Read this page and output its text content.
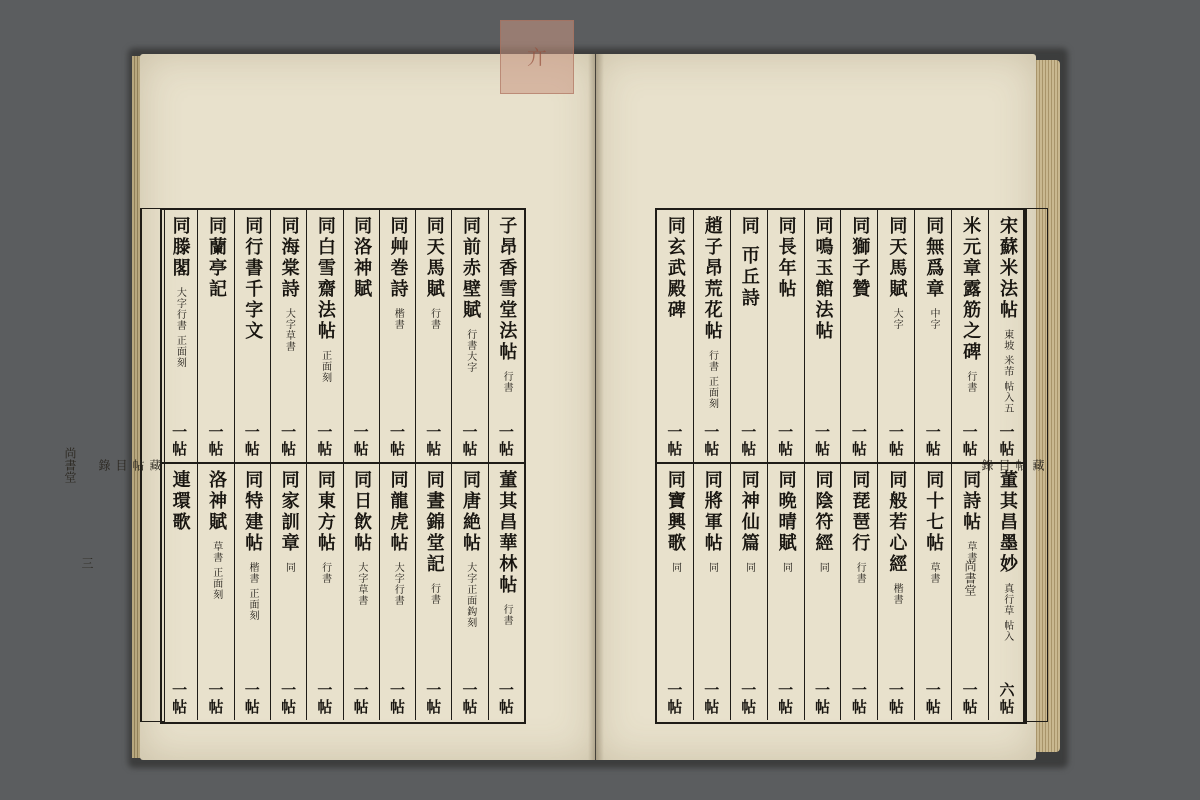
亣
藏
帖
目
錄
三
尚書堂
子昂香雪堂法帖
行書
一帖
同前赤壁賦
行書大字
一帖
同天馬賦
行書
一帖
同艸巻詩
楷書
一帖
同洛神賦
一帖
同白雪齋法帖
正面刻
一帖
同海棠詩
大字草書
一帖
同行書千字文
一帖
同蘭亭記
一帖
同滕閣
大字行書 正面刻
一帖
董其昌華林帖
行書
一帖
同唐絶帖
大字正面鈎刻
一帖
同晝錦堂記
行書
一帖
同龍虎帖
大字行書
一帖
同日飲帖
大字草書
一帖
同東方帖
行書
一帖
同家訓章
同
一帖
同特建帖
楷書 正面刻
一帖
洛神賦
草書 正面刻
一帖
連環歌
一帖
藏
帖
目
錄
尚書堂
宋蘇米法帖
東坡 米芾 帖入五
一帖
米元章露筋之碑
行書
一帖
同無爲章
中字
一帖
同天馬賦
大字
一帖
同獅子贊
一帖
同鳴玉館法帖
一帖
同長年帖
一帖
同 帀丘詩
一帖
趙子昂荒花帖
行書 正面刻
一帖
同玄武殿碑
一帖
董其昌墨妙
真行草 帖入
六帖
同詩帖
草書
一帖
同十七帖
草書
一帖
同般若心經
楷書
一帖
同琵琶行
行書
一帖
同陰符經
同
一帖
同晩晴賦
同
一帖
同神仙篇
同
一帖
同將軍帖
同
一帖
同寶興歌
同
一帖
